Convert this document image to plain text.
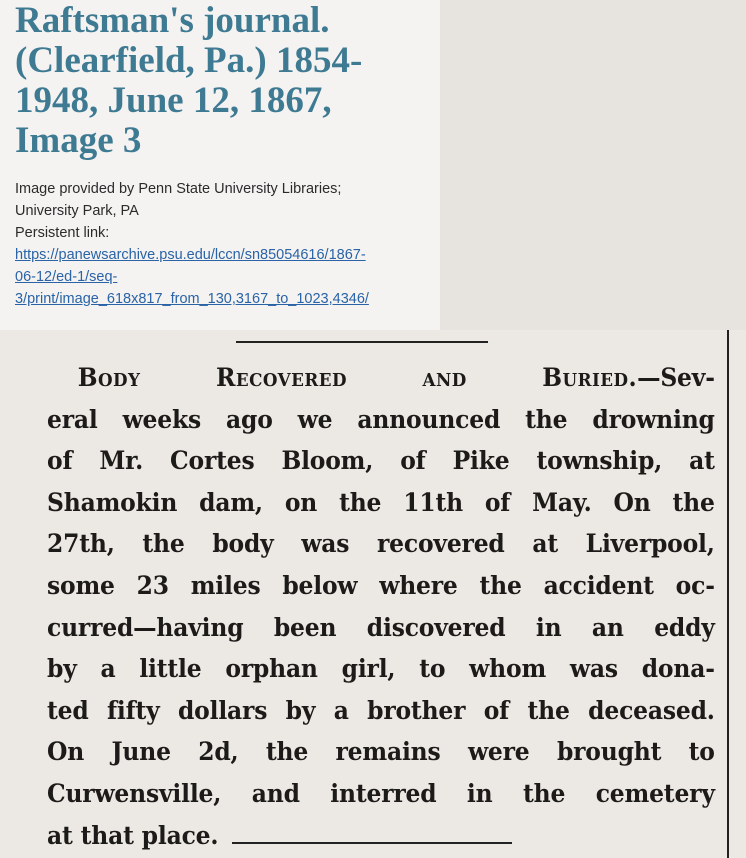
Raftsman's journal. (Clearfield, Pa.) 1854-1948, June 12, 1867, Image 3
Image provided by Penn State University Libraries;
University Park, PA
Persistent link:
https://panewsarchive.psu.edu/lccn/sn85054616/1867-
06-12/ed-1/seq-
3/print/image_618x817_from_130,3167_to_1023,4346/
Body Recovered and Buried.—Sev-
eral weeks ago we announced the drowning
of Mr. Cortes Bloom, of Pike township, at
Shamokin dam, on the 11th of May. On the
27th, the body was recovered at Liverpool,
some 23 miles below where the accident oc-
curred—having been discovered in an eddy
by a little orphan girl, to whom was dona-
ted fifty dollars by a brother of the deceased.
On June 2d, the remains were brought to
Curwensville, and interred in the cemetery
at that place.
